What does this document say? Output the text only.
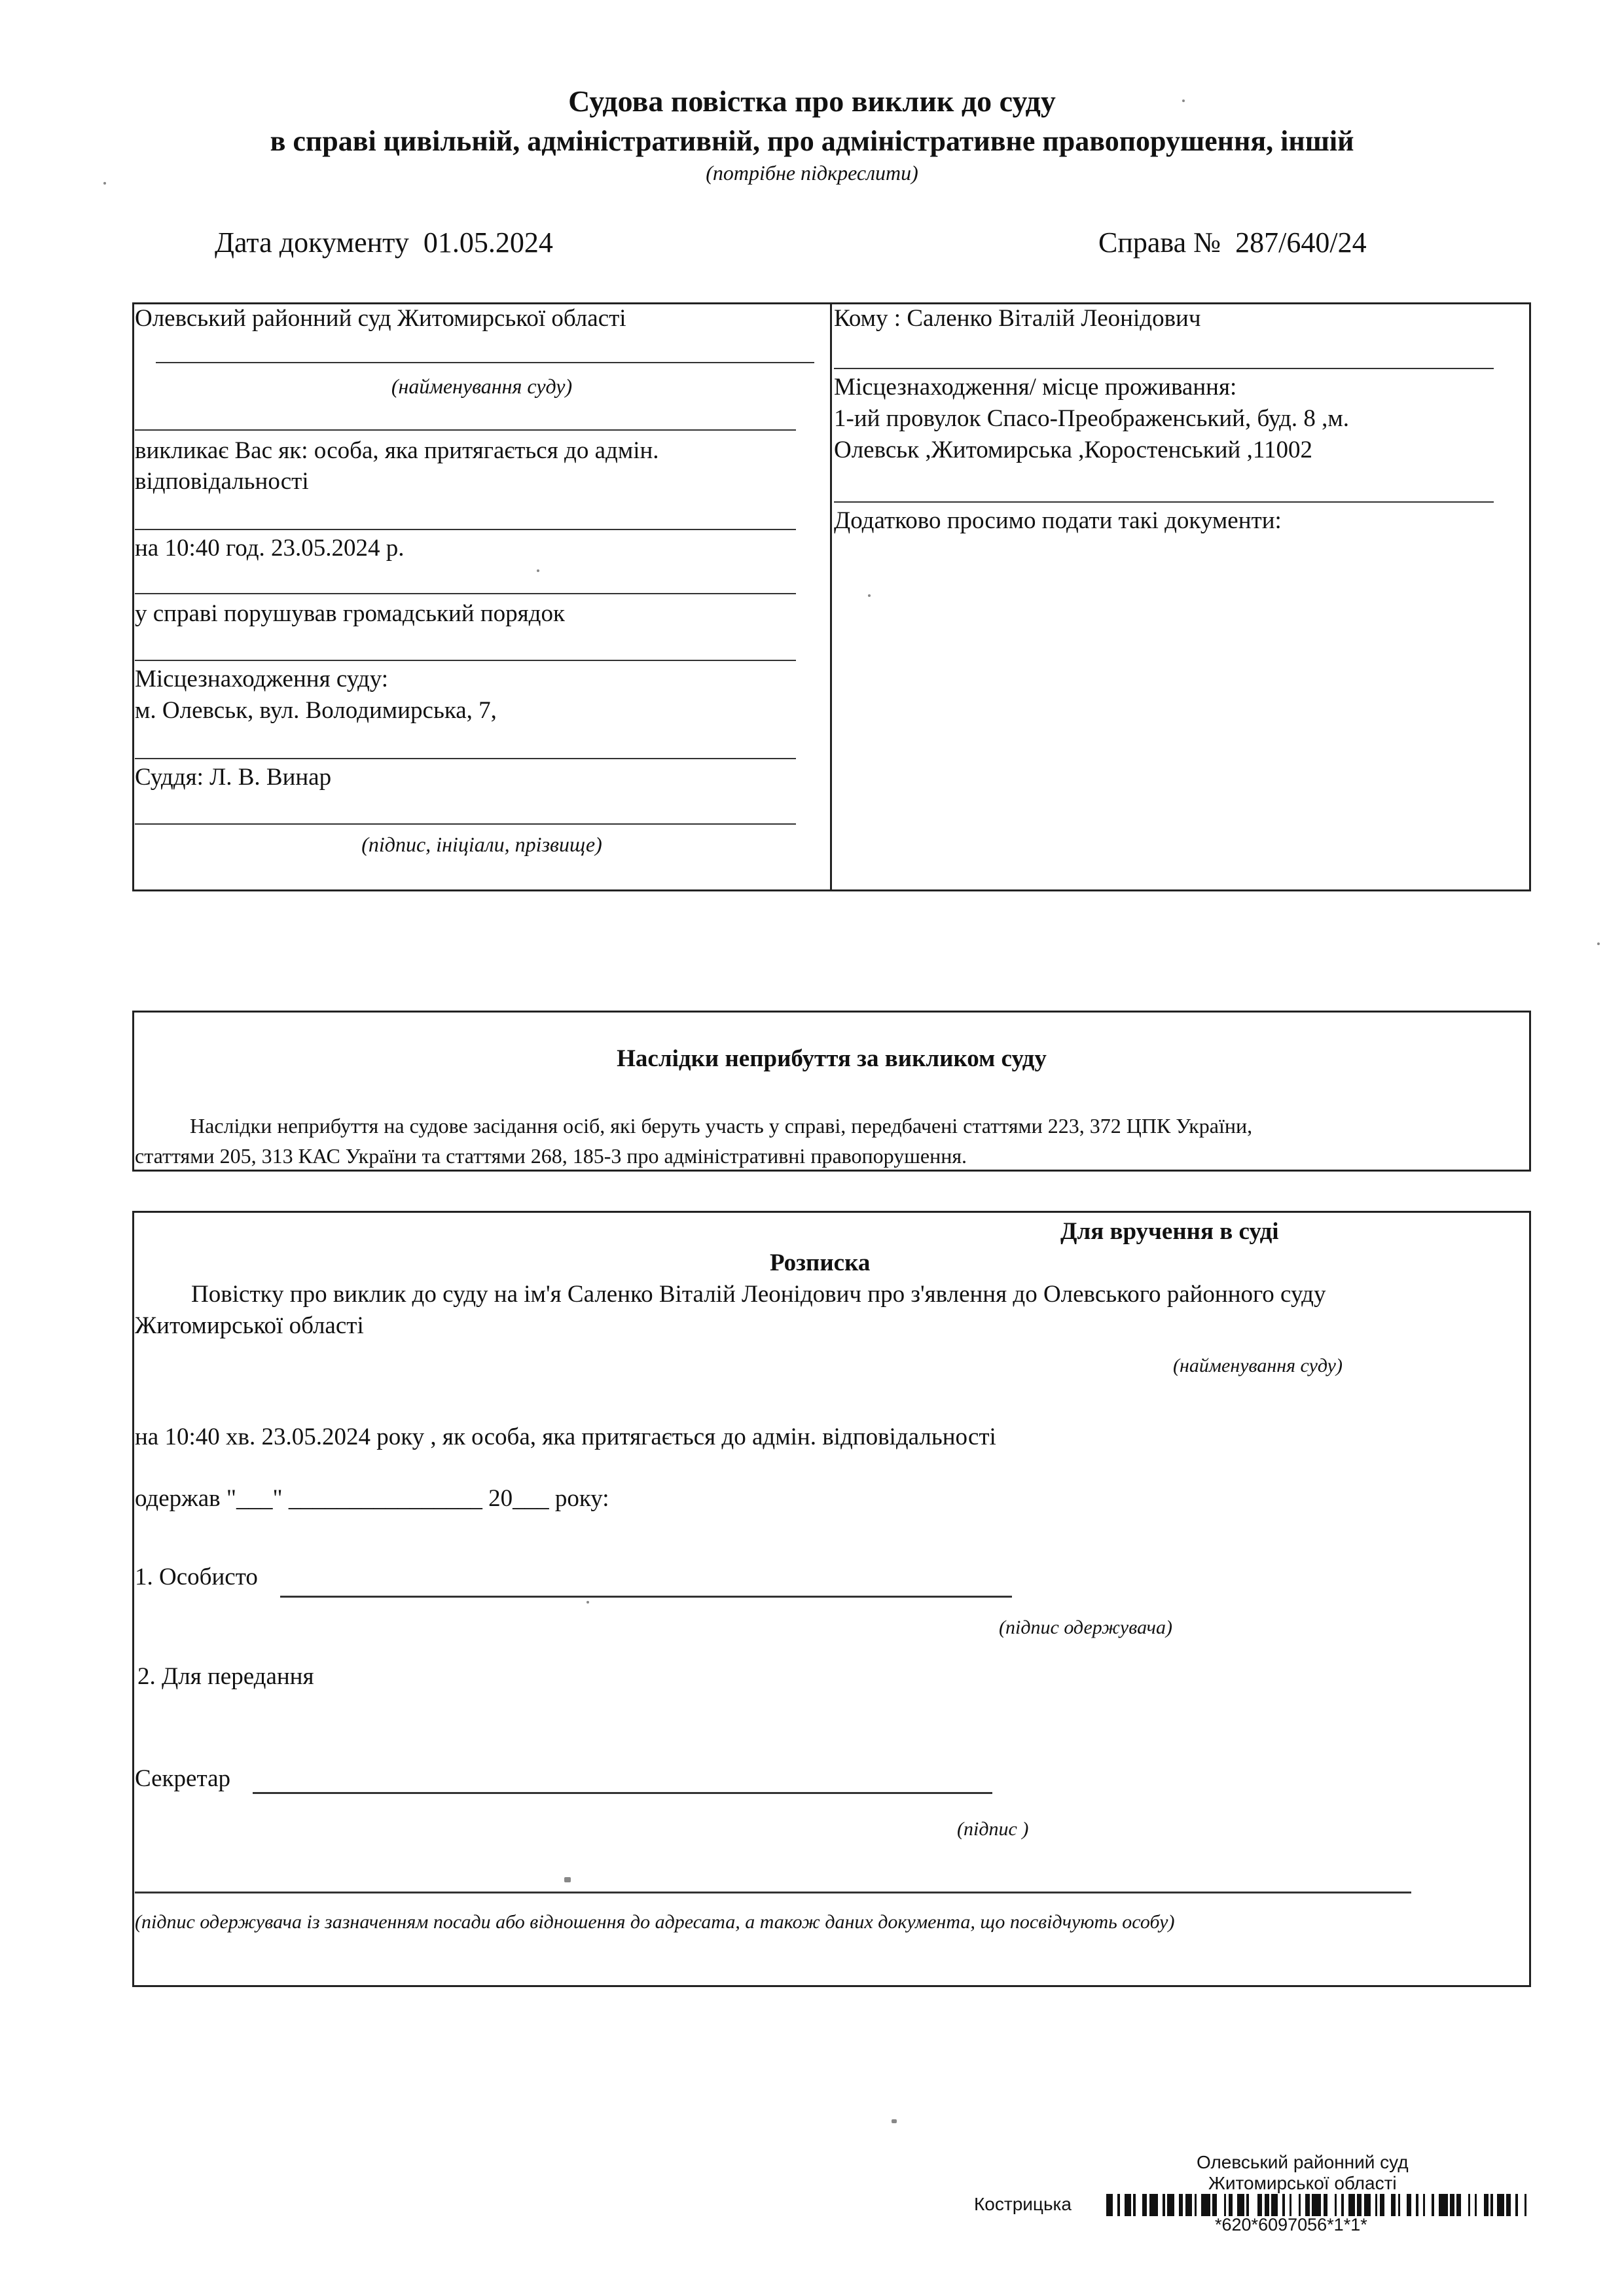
Судова повістка про виклик до суду
в справі цивільній, адміністративній, про адміністративне правопорушення, іншій
(потрібне підкреслити)
Дата документу 01.05.2024	Справа № 287/640/24
Олевський районний суд Житомирської області
(найменування суду)
викликає Вас як: особа, яка притягається до адмін.
відповідальності
на 10:40 год. 23.05.2024 р.
у справі порушував громадський порядок
Місцезнаходження суду:
м. Олевськ, вул. Володимирська, 7,
Суддя: Л. В. Винар
(підпис, ініціали, прізвище)
Кому : Саленко Віталій Леонідович
Місцезнаходження/ місце проживання:
1-ий провулок Спасо-Преображенський, буд. 8 ,м.
Олевськ ,Житомирська ,Коростенський ,11002
Додатково просимо подати такі документи:
Наслідки неприбуття за викликом суду
Наслідки неприбуття на судове засідання осіб, які беруть участь у справі, передбачені статтями 223, 372 ЦПК України,
статтями 205, 313 КАС України та статтями 268, 185-3 про адміністративні правопорушення.
Для вручення в суді
Розписка
Повістку про виклик до суду на ім'я Саленко Віталій Леонідович про з'явлення до Олевського районного суду
Житомирської області
(найменування суду)
на 10:40 хв. 23.05.2024 року , як особа, яка притягається до адмін. відповідальності
одержав "___" ________________ 20___ року:
1. Особисто
(підпис одержувача)
2. Для передання
Секретар
(підпис )
(підпис одержувача із зазначенням посади або відношення до адресата, а також даних документа, що посвідчують особу)
Олевський районний суд
Житомирської області
Кострицька
*620*6097056*1*1*
